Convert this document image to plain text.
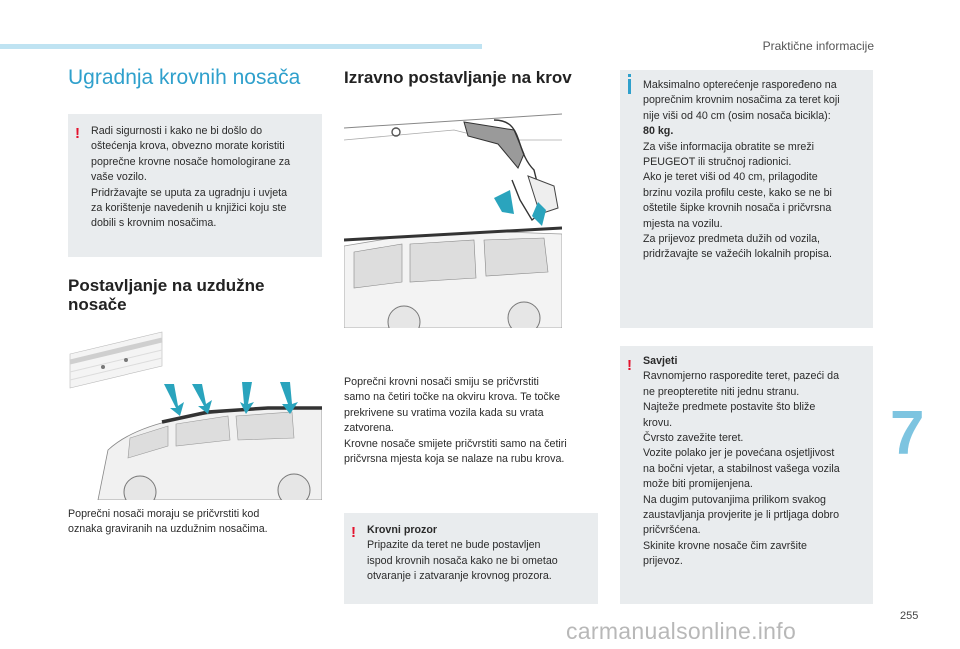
Praktične informacije
7
255
carmanualsonline.info
Ugradnja krovnih nosača
! Radi sigurnosti i kako ne bi došlo do

oštećenja krova, obvezno morate koristiti

poprečne krovne nosače homologirane za

vaše vozilo.

Pridržavajte se uputa za ugradnju i uvjeta

za korištenje navedenih u knjižici koju ste

dobili s krovnim nosačima.

Postavljanje na uzdužne
nosače
Poprečni nosači moraju se pričvrstiti kod
oznaka graviranih na uzdužnim nosačima.
Izravno postavljanje na krov
Poprečni krovni nosači smiju se pričvrstiti
samo na četiri točke na okviru krova. Te točke
prekrivene su vratima vozila kada su vrata
zatvorena.
Krovne nosače smijete pričvrstiti samo na četiri
pričvrsna mjesta koja se nalaze na rubu krova.
! Krovni prozor

Pripazite da teret ne bude postavljen

ispod krovnih nosača kako ne bi ometao

otvaranje i zatvaranje krovnog prozora.

Maksimalno opterećenje raspoređeno na

poprečnim krovnim nosačima za teret koji

nije viši od 40 cm (osim nosača bicikla):

80 kg.

Za više informacija obratite se mreži

PEUGEOT ili stručnoj radionici.

Ako je teret viši od 40 cm, prilagodite

brzinu vozila profilu ceste, kako se ne bi

oštetile šipke krovnih nosača i pričvrsna

mjesta na vozilu.

Za prijevoz predmeta dužih od vozila,

pridržavajte se važećih lokalnih propisa.

! Savjeti

Ravnomjerno rasporedite teret, pazeći da

ne preopteretite niti jednu stranu.

Najteže predmete postavite što bliže

krovu.

Čvrsto zavežite teret.

Vozite polako jer je povećana osjetljivost

na bočni vjetar, a stabilnost vašega vozila

može biti promijenjena.

Na dugim putovanjima prilikom svakog

zaustavljanja provjerite je li prtljaga dobro

pričvršćena.

Skinite krovne nosače čim završite

prijevoz.
